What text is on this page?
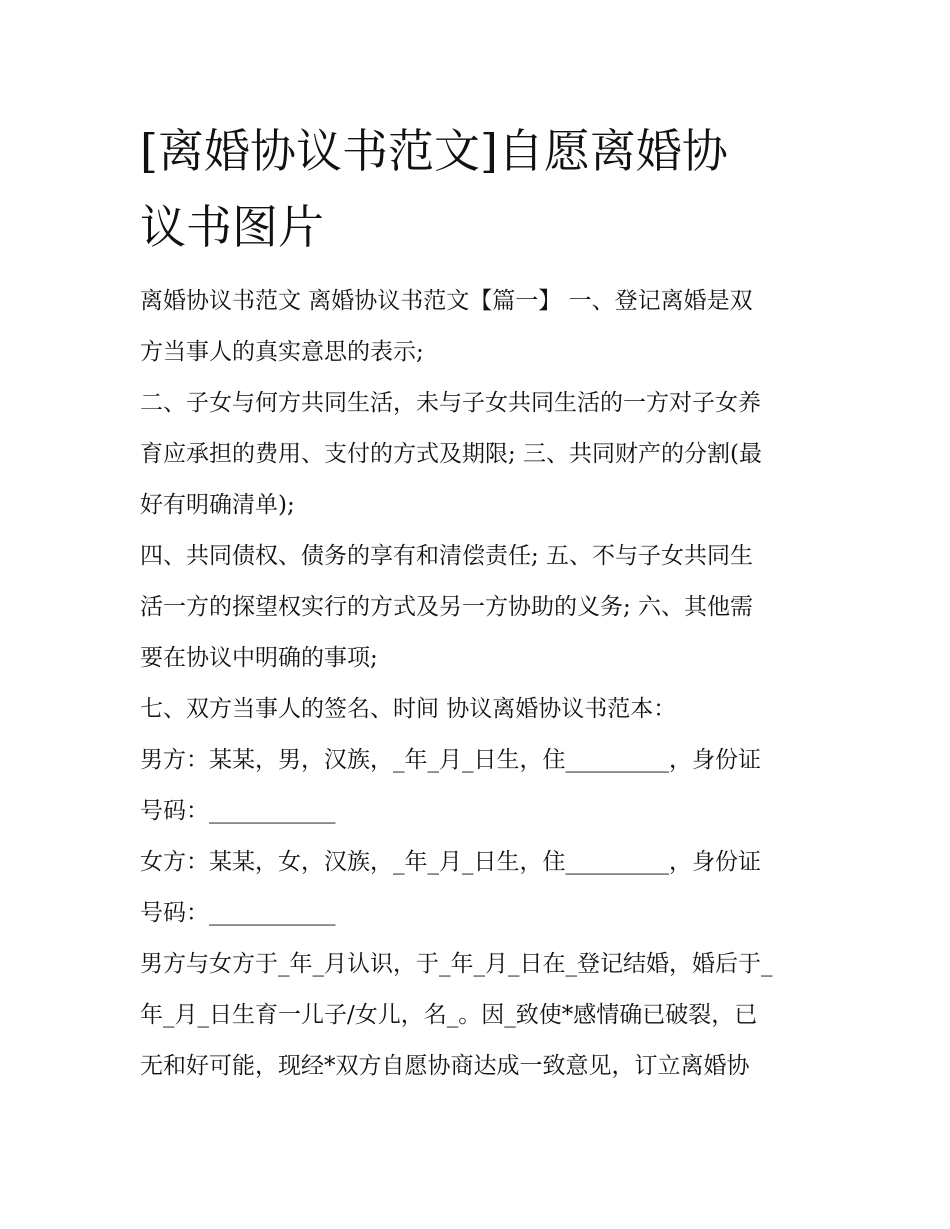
[离婚协议书范文]自愿离婚协
议书图片
离婚协议书范文 离婚协议书范文【篇一】 一、登记离婚是双
方当事人的真实意思的表示;
二、子女与何方共同生活，未与子女共同生活的一方对子女养
育应承担的费用、支付的方式及期限; 三、共同财产的分割(最
好有明确清单);
四、共同债权、债务的享有和清偿责任; 五、不与子女共同生
活一方的探望权实行的方式及另一方协助的义务; 六、其他需
要在协议中明确的事项;
七、双方当事人的签名、时间 协议离婚协议书范本：
男方：某某，男，汉族，_年_月_日生，住_________，身份证
号码：___________
女方：某某，女，汉族，_年_月_日生，住_________，身份证
号码：___________
男方与女方于_年_月认识，于_年_月_日在_登记结婚，婚后于_
年_月_日生育一儿子/女儿，名_。因_致使*感情确已破裂，已
无和好可能，现经*双方自愿协商达成一致意见，订立离婚协
